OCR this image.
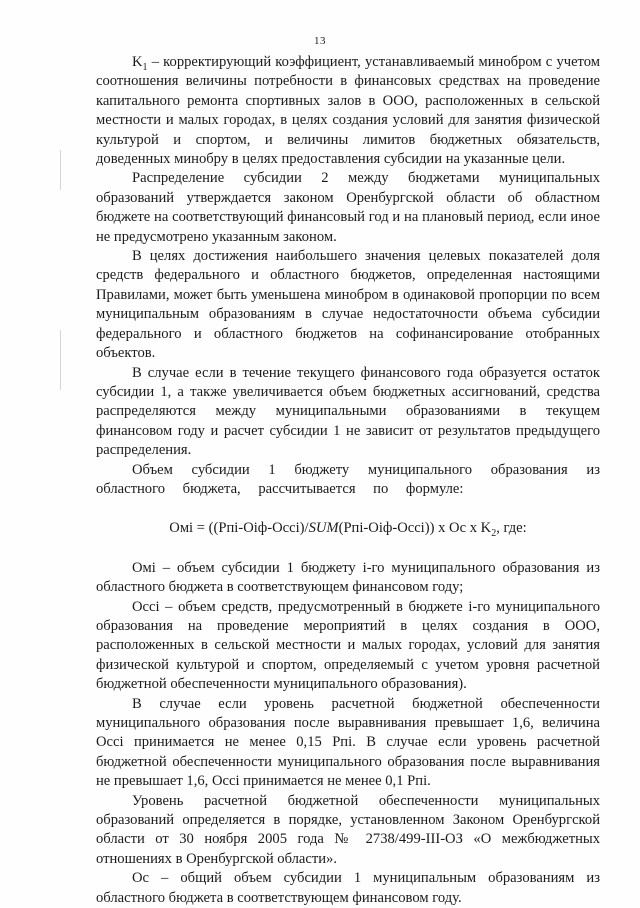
13

$K_1$ – корректирующий коэффициент, устанавливаемый минобром с учетом соотношения величины потребности в финансовых средствах на проведение капитального ремонта спортивных залов в ООО, расположенных в сельской местности и малых городах, в целях создания условий для занятия физической культурой и спортом, и величины лимитов бюджетных обязательств, доведенных минобру в целях предоставления субсидии на указанные цели.

Распределение субсидии 2 между бюджетами муниципальных образований утверждается законом Оренбургской области об областном бюджете на соответствующий финансовый год и на плановый период, если иное не предусмотрено указанным законом.

В целях достижения наибольшего значения целевых показателей доля средств федерального и областного бюджетов, определенная настоящими Правилами, может быть уменьшена минобром в одинаковой пропорции по всем муниципальным образованиям в случае недостаточности объема субсидии федерального и областного бюджетов на софинансирование отобранных объектов.

В случае если в течение текущего финансового года образуется остаток субсидии 1, а также увеличивается объем бюджетных ассигнований, средства распределяются между муниципальными образованиями в текущем финансовом году и расчет субсидии 1 не зависит от результатов предыдущего распределения.

Объем субсидии 1 бюджету муниципального образования из областного бюджета, рассчитывается по формуле:

Омi = ((Pпi-Оiф-Оcci)/SUM(Pпi-Оiф-Оcci)) х Ос х $K_2$, где:

Омi – объем субсидии 1 бюджету i-го муниципального образования из областного бюджета в соответствующем финансовом году;

Оcci – объем средств, предусмотренный в бюджете i-го муниципального образования на проведение мероприятий в целях создания в ООО, расположенных в сельской местности и малых городах, условий для занятия физической культурой и спортом, определяемый с учетом уровня расчетной бюджетной обеспеченности муниципального образования).

В случае если уровень расчетной бюджетной обеспеченности муниципального образования после выравнивания превышает 1,6, величина Оcci принимается не менее 0,15 Pпi. В случае если уровень расчетной бюджетной обеспеченности муниципального образования после выравнивания не превышает 1,6, Оcci принимается не менее 0,1 Pпi.

Уровень расчетной бюджетной обеспеченности муниципальных образований определяется в порядке, установленном Законом Оренбургской области от 30 ноября 2005 года № 2738/499-III-ОЗ «О межбюджетных отношениях в Оренбургской области».

Ос – общий объем субсидии 1 муниципальным образованиям из областного бюджета в соответствующем финансовом году.
